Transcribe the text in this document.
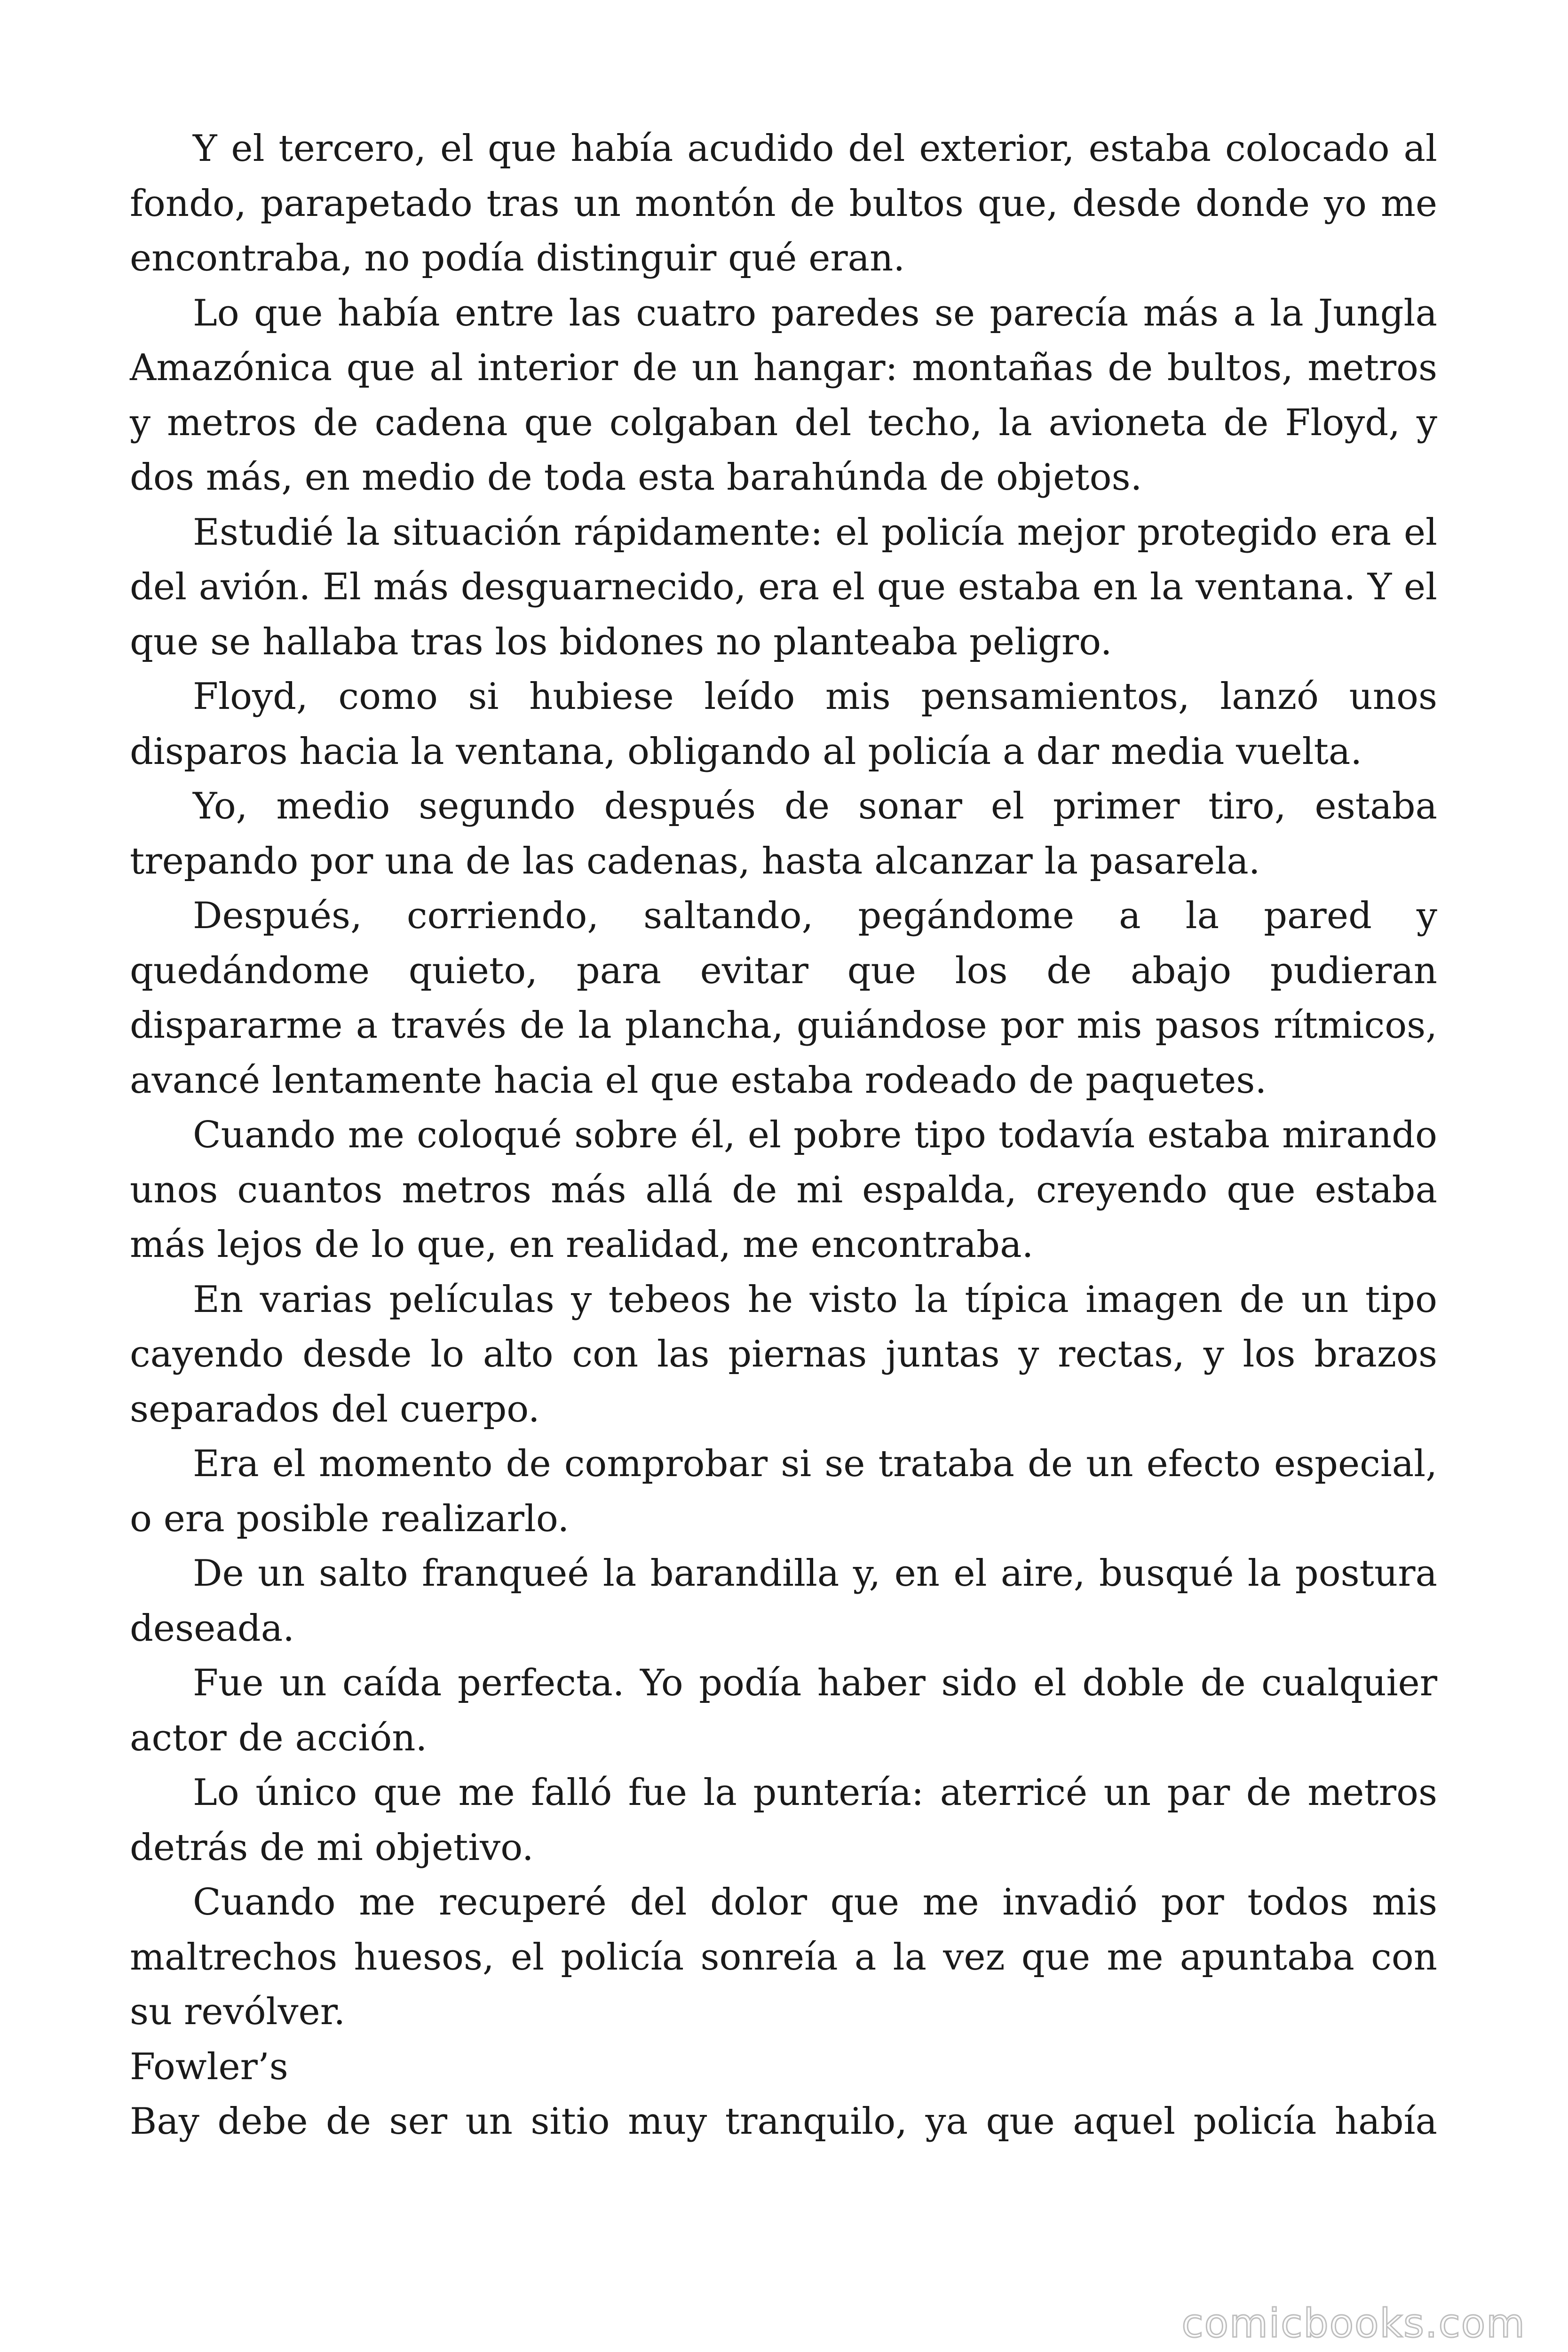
Y el tercero, el que había acudido del exterior, estaba colocado al fondo, parapetado tras un montón de bultos que, desde donde yo me encontraba, no podía distinguir qué eran.

Lo que había entre las cuatro paredes se parecía más a la Jungla Amazónica que al interior de un hangar: montañas de bultos, metros y metros de cadena que colgaban del techo, la avioneta de Floyd, y dos más, en medio de toda esta barahúnda de objetos.

Estudié la situación rápidamente: el policía mejor protegido era el del avión. El más desguarnecido, era el que estaba en la ventana. Y el que se hallaba tras los bidones no planteaba peligro.

Floyd, como si hubiese leído mis pensamientos, lanzó unos disparos hacia la ventana, obligando al policía a dar media vuelta.

Yo, medio segundo después de sonar el primer tiro, estaba trepando por una de las cadenas, hasta alcanzar la pasarela.

Después, corriendo, saltando, pegándome a la pared y quedándome quieto, para evitar que los de abajo pudieran dispararme a través de la plancha, guiándose por mis pasos rítmicos, avancé lentamente hacia el que estaba rodeado de paquetes.

Cuando me coloqué sobre él, el pobre tipo todavía estaba mirando unos cuantos metros más allá de mi espalda, creyendo que estaba más lejos de lo que, en realidad, me encontraba.

En varias películas y tebeos he visto la típica imagen de un tipo cayendo desde lo alto con las piernas juntas y rectas, y los brazos separados del cuerpo.

Era el momento de comprobar si se trataba de un efecto especial, o era posible realizarlo.

De un salto franqueé la barandilla y, en el aire, busqué la postura deseada.

Fue un caída perfecta. Yo podía haber sido el doble de cualquier actor de acción.

Lo único que me falló fue la puntería: aterricé un par de metros detrás de mi objetivo.

Cuando me recuperé del dolor que me invadió por todos mis maltrechos huesos, el policía sonreía a la vez que me apuntaba con su revólver.

Fowler’s

Bay debe de ser un sitio muy tranquilo, ya que aquel policía había

comicbooks.com
